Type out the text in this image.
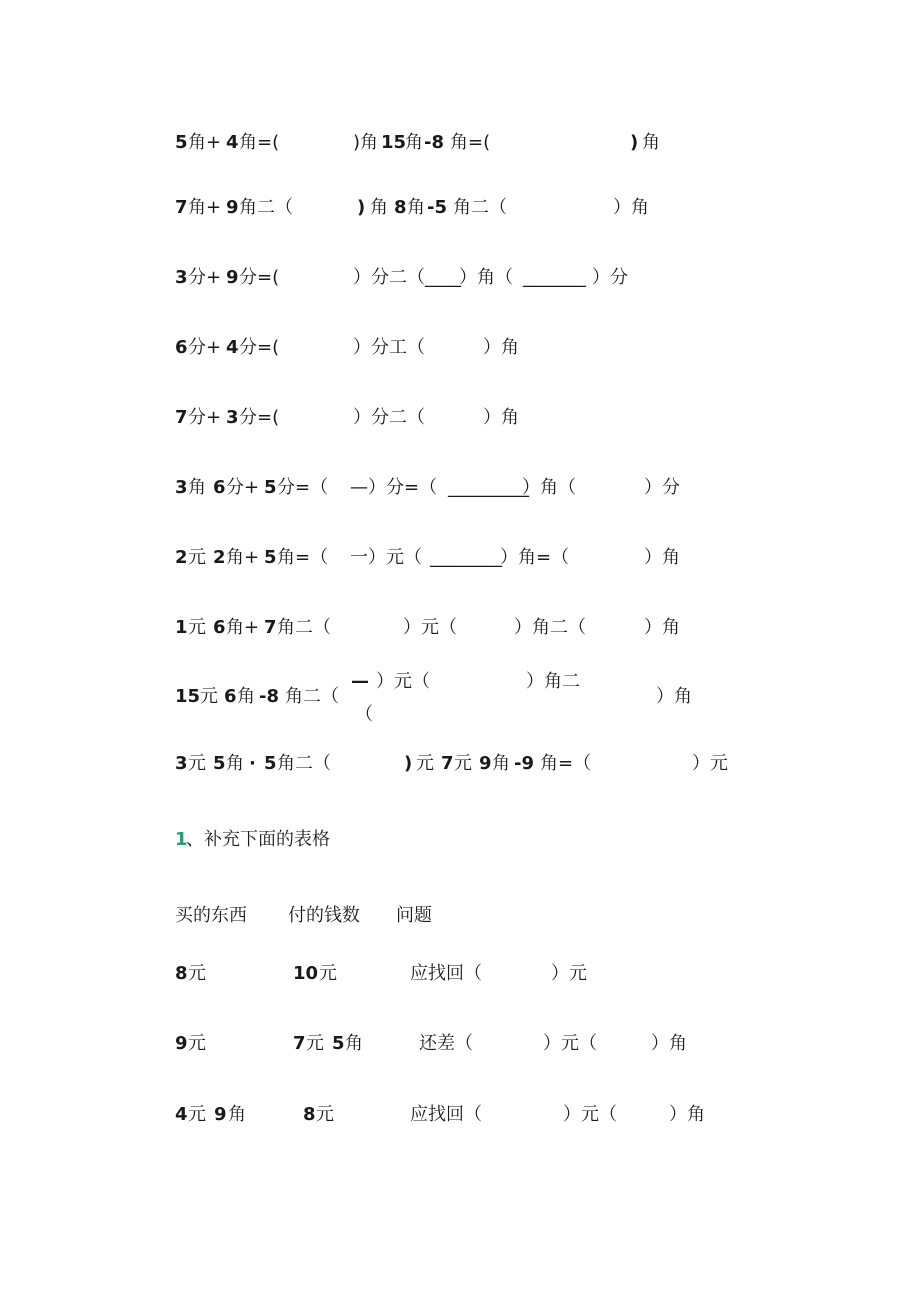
5 角+ 4 角=(	)角 15
角 -8 角=(	) 角
7 角+ 9 角二（	) 角 8 角 -5 角二（	）角
3 分+ 9 分=(	）分二（ ____
）角（ _______ ）分
6 分+ 4 分=(	）分工（	）角
7 分+ 3 分=(	）分二（	）角
3 角 6 分+ 5 分=（ —）分=（ _________
）角（	）分
2 元 2 角+ 5 角=（ 一）元（ ________
）角=（	）角
1 元 6 角+ 7 角二（	）元（	）角二（	）角
15 元 6 角 -8 角二（
— ）元（	）角二
（
）角
3 元 5 角 · 5 角二（	) 元 7 元 9 角 -9 角=（	）元
1
、补充下面的表格
买的东西 付的钱数 问题
8 元	10 元	应找回（	）元
9 元	7 元 5 角	还差（	）元（	）角
4 元 9 角	8 元	应找回（	）元（	）角
